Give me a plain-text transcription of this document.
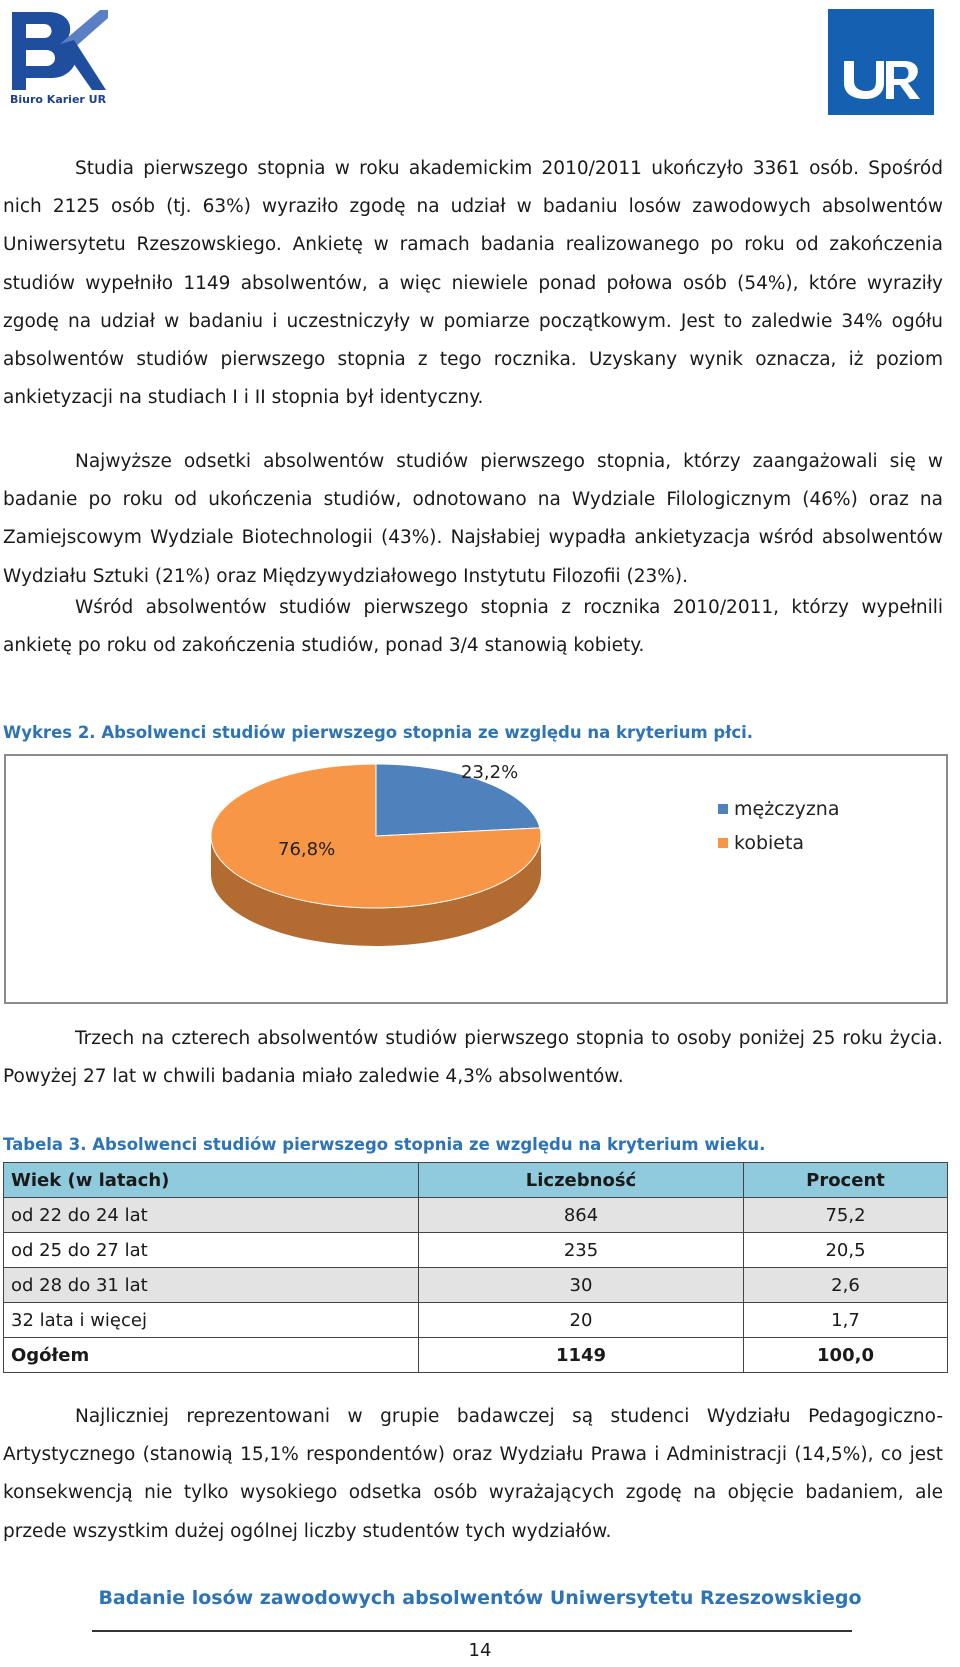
Biuro Karier UR

Studia pierwszego stopnia w roku akademickim 2010/2011 ukończyło 3361 osób. Spośród nich 2125 osób (tj. 63%) wyraziło zgodę na udział w badaniu losów zawodowych absolwentów Uniwersytetu Rzeszowskiego. Ankietę w ramach badania realizowanego po roku od zakończenia studiów wypełniło 1149 absolwentów, a więc niewiele ponad połowa osób (54%), które wyraziły zgodę na udział w badaniu i uczestniczyły w pomiarze początkowym. Jest to zaledwie 34% ogółu absolwentów studiów pierwszego stopnia z tego rocznika. Uzyskany wynik oznacza, iż poziom ankietyzacji na studiach I i II stopnia był identyczny.

Najwyższe odsetki absolwentów studiów pierwszego stopnia, którzy zaangażowali się w badanie po roku od ukończenia studiów, odnotowano na Wydziale Filologicznym (46%) oraz na Zamiejscowym Wydziale Biotechnologii (43%). Najsłabiej wypadła ankietyzacja wśród absolwentów Wydziału Sztuki (21%) oraz Międzywydziałowego Instytutu Filozofii (23%).

Wśród absolwentów studiów pierwszego stopnia z rocznika 2010/2011, którzy wypełnili ankietę po roku od zakończenia studiów, ponad 3/4 stanowią kobiety.

Wykres 2. Absolwenci studiów pierwszego stopnia ze względu na kryterium płci.

23,2%
76,8%
mężczyzna
kobieta

Trzech na czterech absolwentów studiów pierwszego stopnia to osoby poniżej 25 roku życia. Powyżej 27 lat w chwili badania miało zaledwie 4,3% absolwentów.

Tabela 3. Absolwenci studiów pierwszego stopnia ze względu na kryterium wieku.

Wiek (w latach)	Liczebność	Procent
od 22 do 24 lat	864	75,2
od 25 do 27 lat	235	20,5
od 28 do 31 lat	30	2,6
32 lata i więcej	20	1,7
Ogółem	1149	100,0

Najliczniej reprezentowani w grupie badawczej są studenci Wydziału Pedagogiczno-Artystycznego (stanowią 15,1% respondentów) oraz Wydziału Prawa i Administracji (14,5%), co jest konsekwencją nie tylko wysokiego odsetka osób wyrażających zgodę na objęcie badaniem, ale przede wszystkim dużej ogólnej liczby studentów tych wydziałów.

Badanie losów zawodowych absolwentów Uniwersytetu Rzeszowskiego
14
